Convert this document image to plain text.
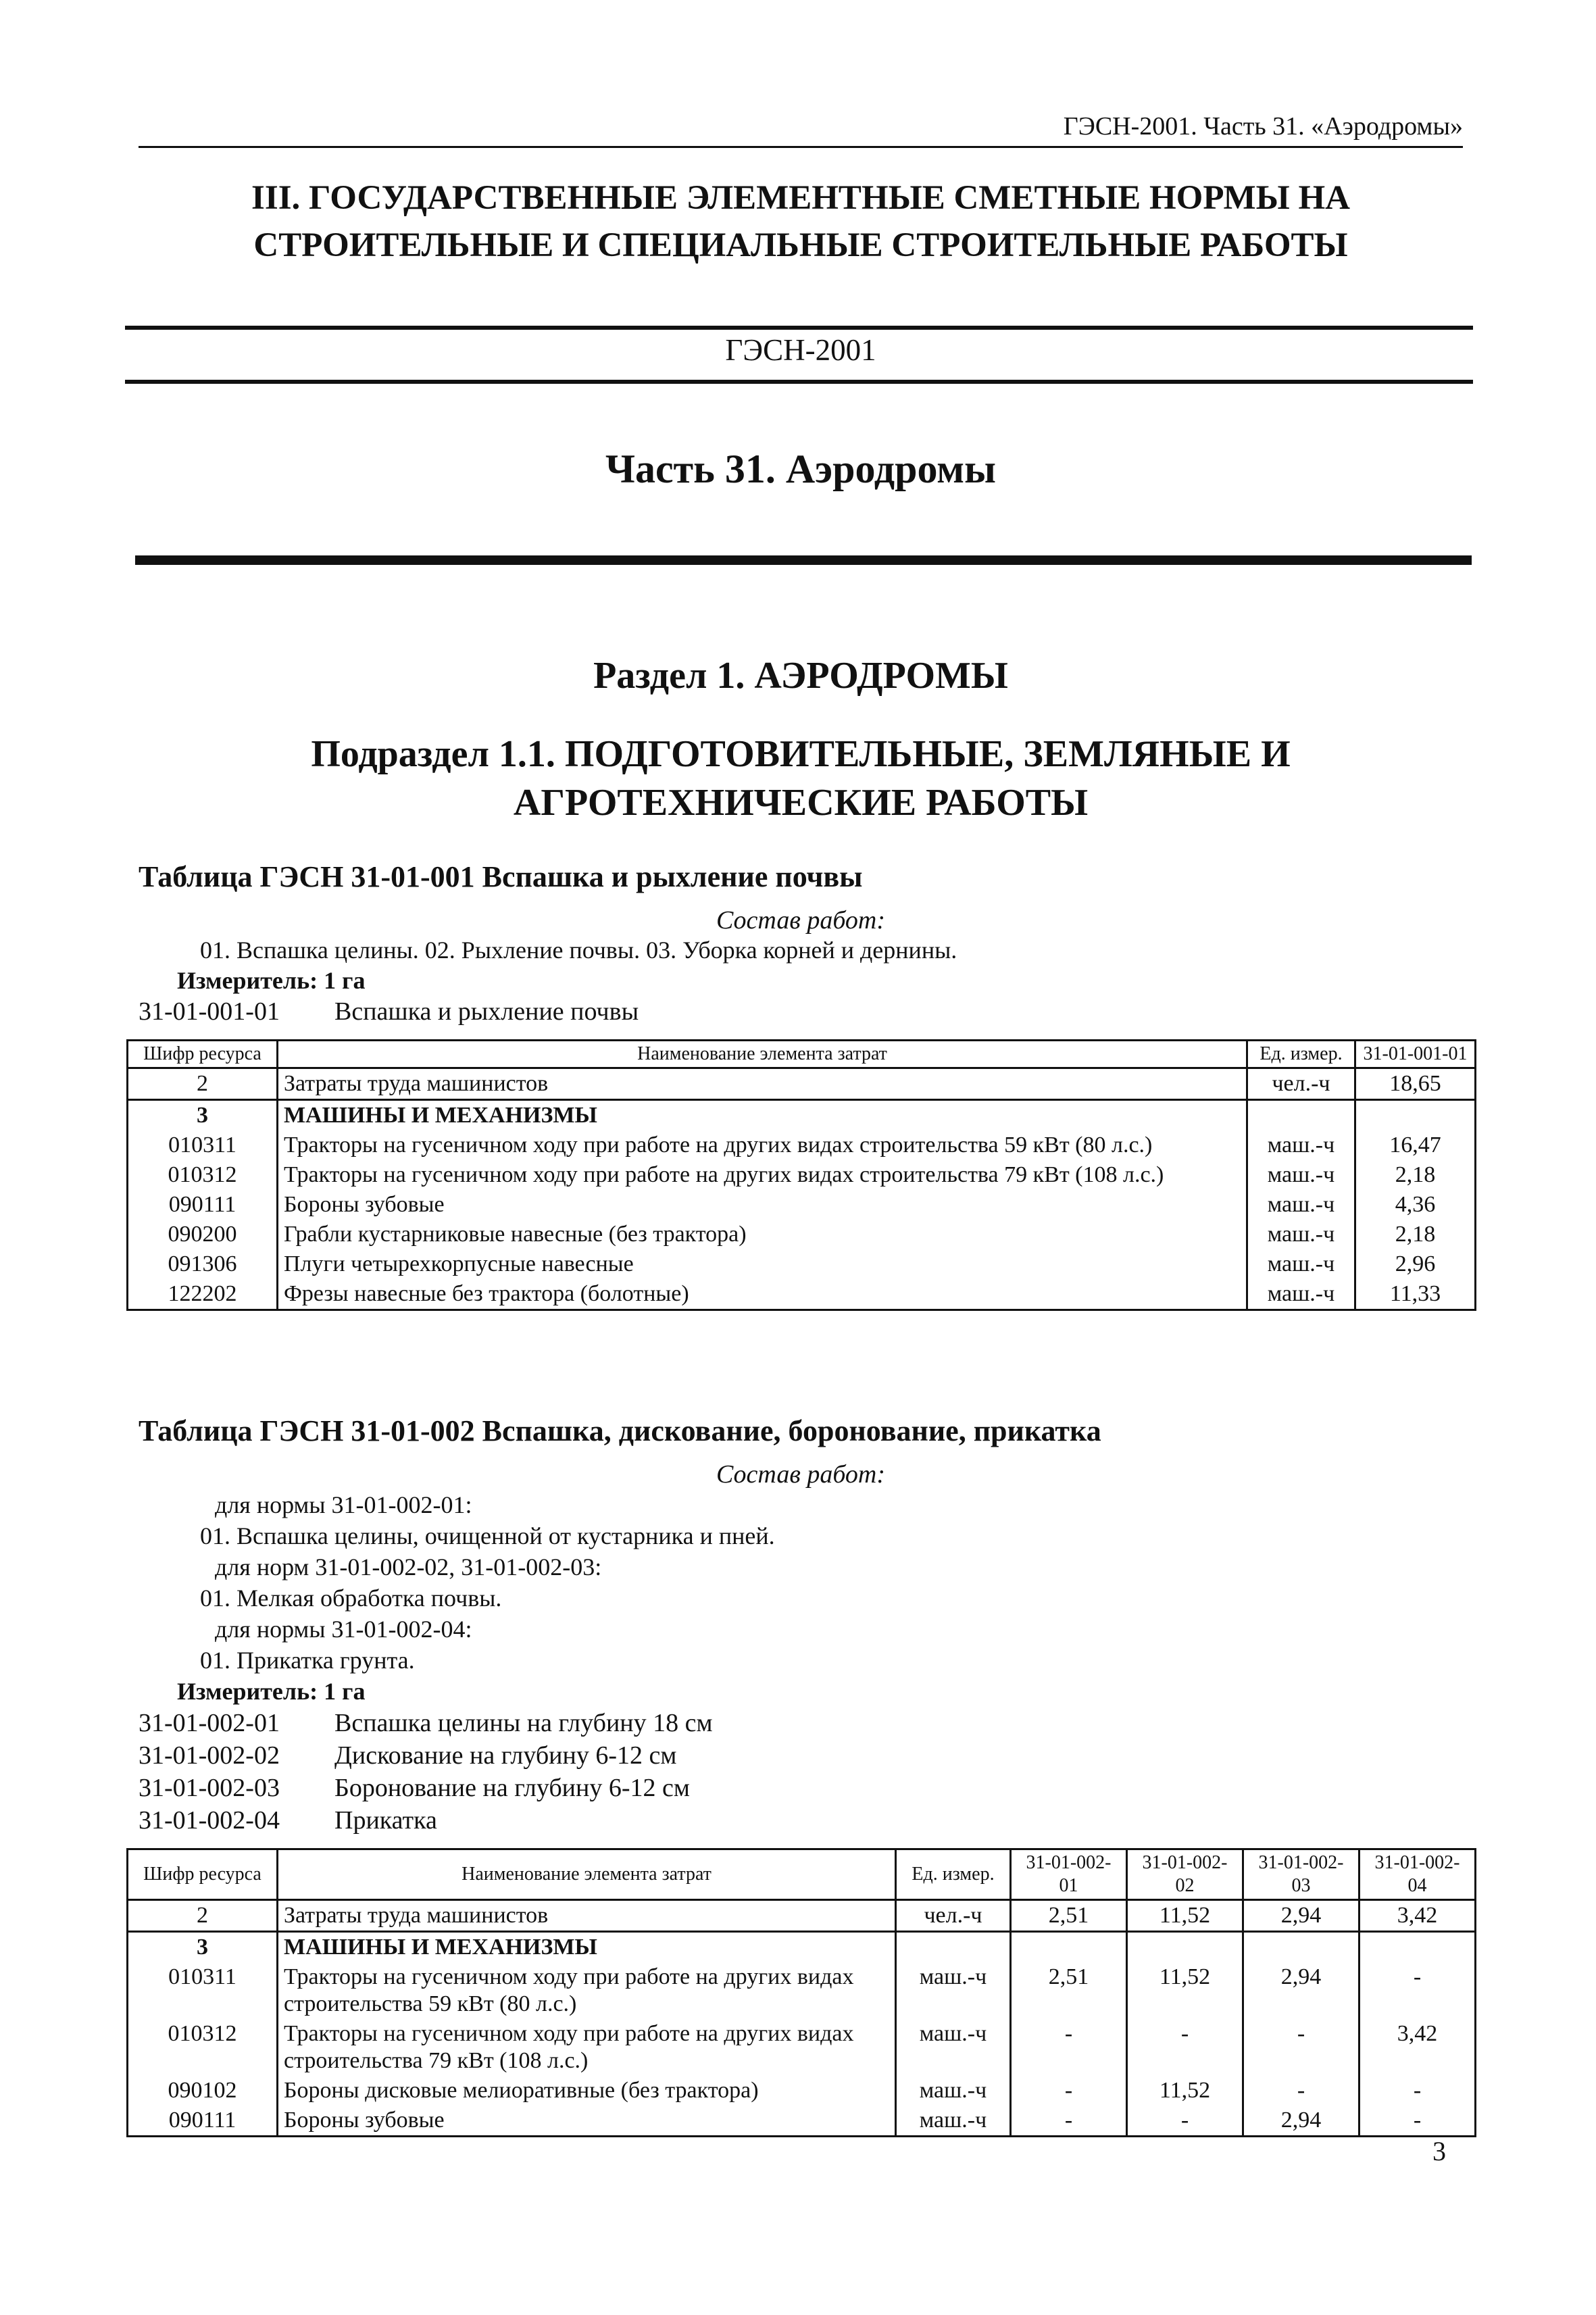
ГЭСН-2001. Часть 31. «Аэродромы»
III. ГОСУДАРСТВЕННЫЕ ЭЛЕМЕНТНЫЕ СМЕТНЫЕ НОРМЫ НА
СТРОИТЕЛЬНЫЕ И СПЕЦИАЛЬНЫЕ СТРОИТЕЛЬНЫЕ РАБОТЫ
ГЭСН-2001
Часть 31. Аэродромы
Раздел 1. АЭРОДРОМЫ
Подраздел 1.1. ПОДГОТОВИТЕЛЬНЫЕ, ЗЕМЛЯНЫЕ И
АГРОТЕХНИЧЕСКИЕ РАБОТЫ
Таблица ГЭСН 31-01-001 Вспашка и рыхление почвы
Состав работ:
01. Вспашка целины. 02. Рыхление почвы. 03. Уборка корней и дернины.
Измеритель: 1 га
31-01-001-01 Вспашка и рыхление почвы
Шифр ресурса	Наименование элемента затрат	Ед. измер.	31-01-001-01
2	Затраты труда машинистов	чел.-ч	18,65
3	МАШИНЫ И МЕХАНИЗМЫ		
010311	Тракторы на гусеничном ходу при работе на других видах строительства 59 кВт (80 л.с.)	маш.-ч	16,47
010312	Тракторы на гусеничном ходу при работе на других видах строительства 79 кВт (108 л.с.)	маш.-ч	2,18
090111	Бороны зубовые	маш.-ч	4,36
090200	Грабли кустарниковые навесные (без трактора)	маш.-ч	2,18
091306	Плуги четырехкорпусные навесные	маш.-ч	2,96
122202	Фрезы навесные без трактора (болотные)	маш.-ч	11,33
Таблица ГЭСН 31-01-002 Вспашка, дискование, боронование, прикатка
Состав работ:
для нормы 31-01-002-01:
01. Вспашка целины, очищенной от кустарника и пней.
для норм 31-01-002-02, 31-01-002-03:
01. Мелкая обработка почвы.
для нормы 31-01-002-04:
01. Прикатка грунта.
Измеритель: 1 га
31-01-002-01 Вспашка целины на глубину 18 см
31-01-002-02 Дискование на глубину 6-12 см
31-01-002-03 Боронование на глубину 6-12 см
31-01-002-04 Прикатка
Шифр ресурса	Наименование элемента затрат	Ед. измер.	31-01-002-01	31-01-002-02	31-01-002-03	31-01-002-04
2	Затраты труда машинистов	чел.-ч	2,51	11,52	2,94	3,42
3	МАШИНЫ И МЕХАНИЗМЫ					
010311	Тракторы на гусеничном ходу при работе на других видах строительства 59 кВт (80 л.с.)	маш.-ч	2,51	11,52	2,94	-
010312	Тракторы на гусеничном ходу при работе на других видах строительства 79 кВт (108 л.с.)	маш.-ч	-	-	-	3,42
090102	Бороны дисковые мелиоративные (без трактора)	маш.-ч	-	11,52	-	-
090111	Бороны зубовые	маш.-ч	-	-	2,94	-
3
